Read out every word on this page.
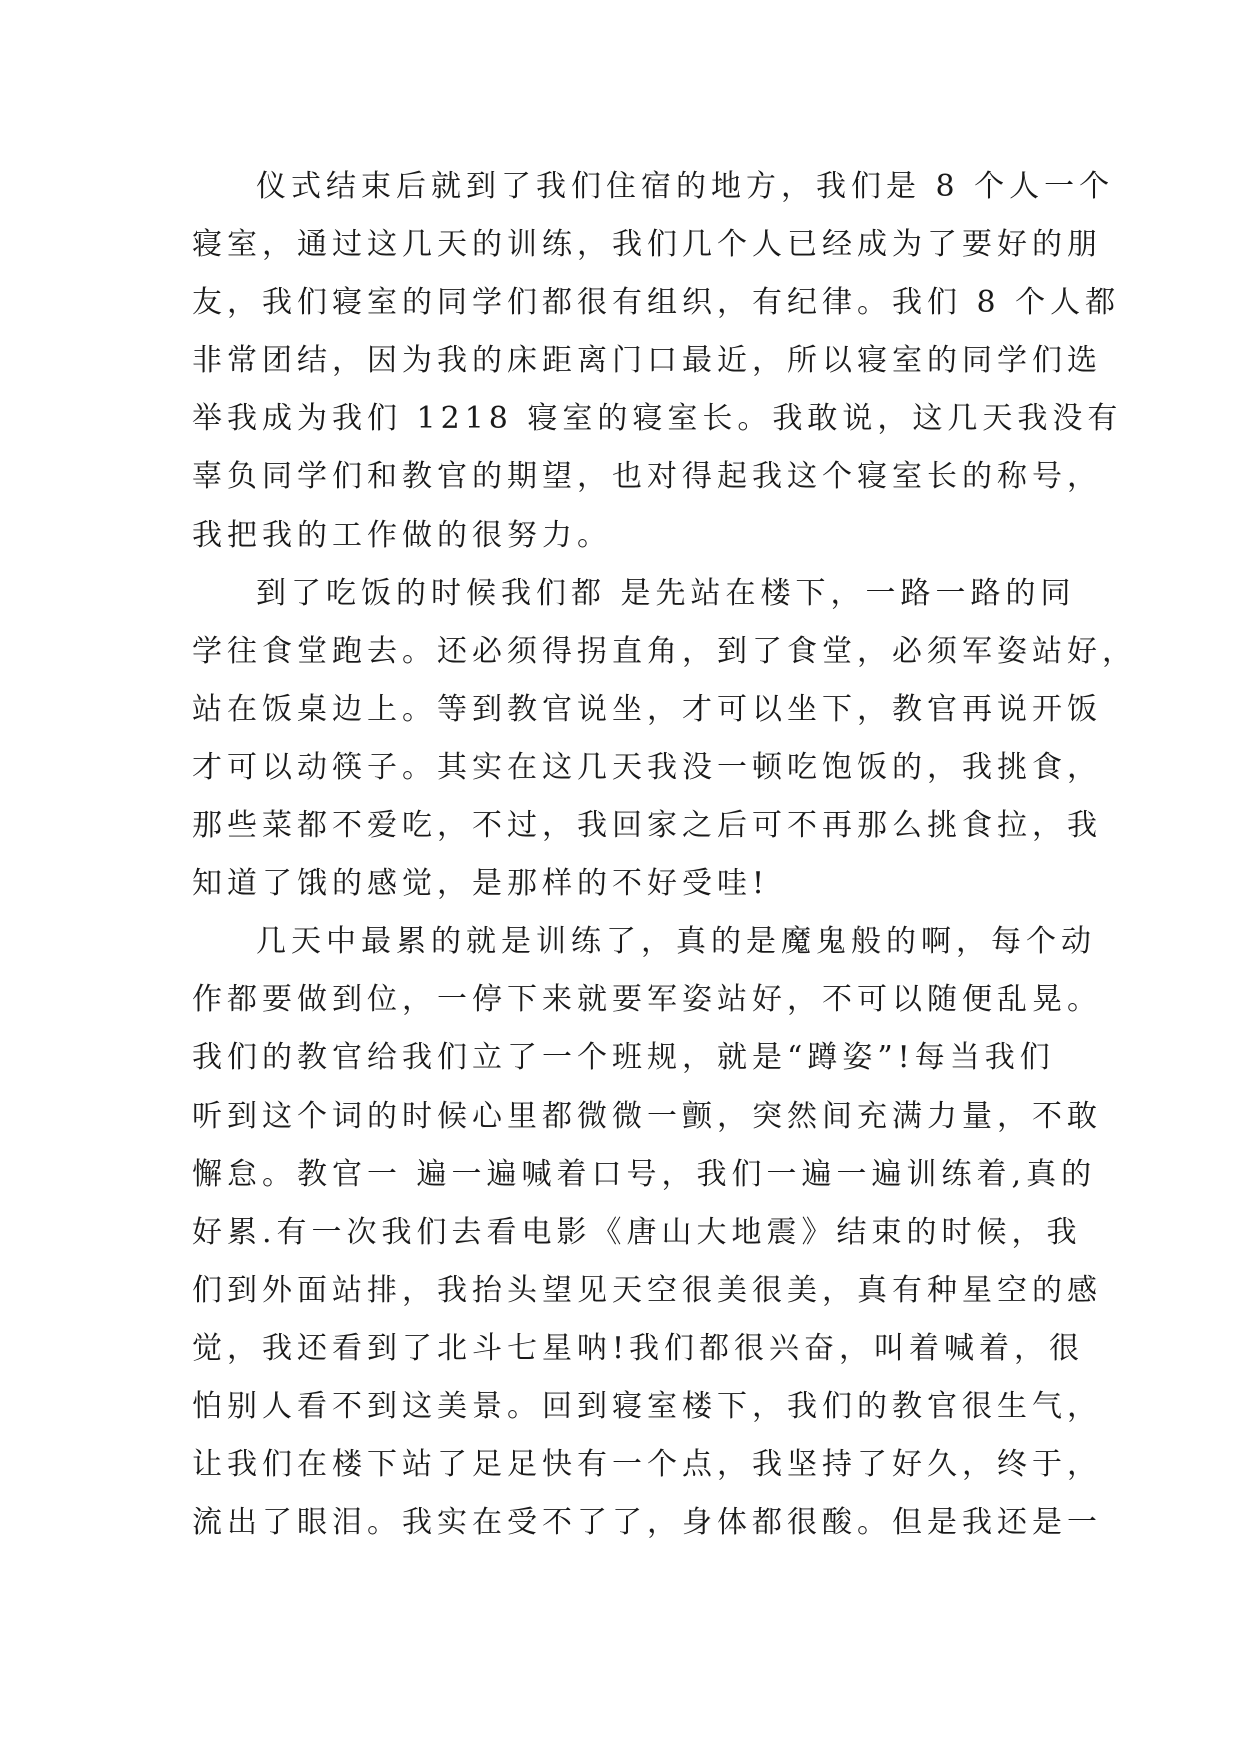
仪式结束后就到了我们住宿的地方，我们是 8 个人一个
寝室，通过这几天的训练，我们几个人已经成为了要好的朋
友，我们寝室的同学们都很有组织，有纪律。我们 8 个人都
非常团结，因为我的床距离门口最近，所以寝室的同学们选
举我成为我们 1218 寝室的寝室长。我敢说，这几天我没有
辜负同学们和教官的期望，也对得起我这个寝室长的称号，
我把我的工作做的很努力。
到了吃饭的时候我们都 是先站在楼下，一路一路的同
学往食堂跑去。还必须得拐直角，到了食堂，必须军姿站好，
站在饭桌边上。等到教官说坐，才可以坐下，教官再说开饭
才可以动筷子。其实在这几天我没一顿吃饱饭的，我挑食，
那些菜都不爱吃，不过，我回家之后可不再那么挑食拉，我
知道了饿的感觉，是那样的不好受哇!
几天中最累的就是训练了，真的是魔鬼般的啊，每个动
作都要做到位，一停下来就要军姿站好，不可以随便乱晃。
我们的教官给我们立了一个班规，就是“蹲姿”!每当我们
听到这个词的时候心里都微微一颤，突然间充满力量，不敢
懈怠。教官一 遍一遍喊着口号，我们一遍一遍训练着,真的
好累.有一次我们去看电影《唐山大地震》结束的时候，我
们到外面站排，我抬头望见天空很美很美，真有种星空的感
觉，我还看到了北斗七星呐!我们都很兴奋，叫着喊着，很
怕别人看不到这美景。回到寝室楼下，我们的教官很生气，
让我们在楼下站了足足快有一个点，我坚持了好久，终于，
流出了眼泪。我实在受不了了，身体都很酸。但是我还是一
